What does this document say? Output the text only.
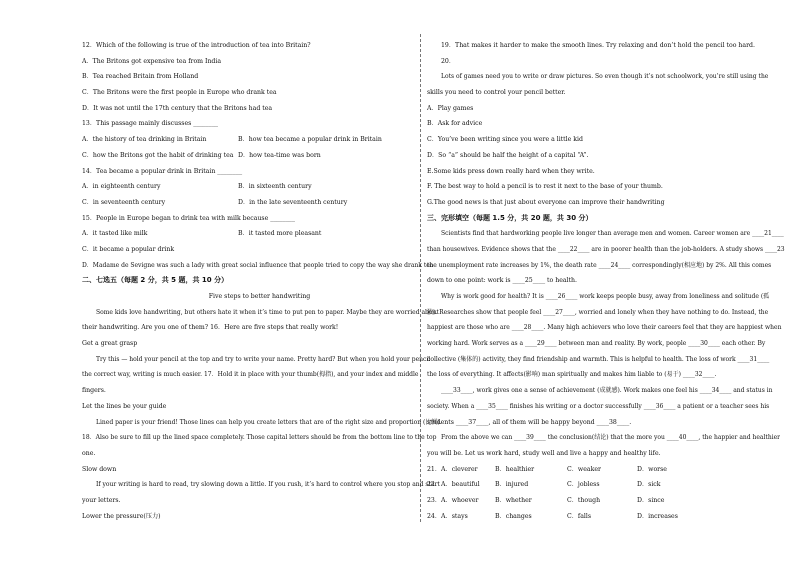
12．Which of the following is true of the introduction of tea into Britain?
A．The Britons got expensive tea from India
B．Tea reached Britain from Holland
C．The Britons were the first people in Europe who drank tea
D．It was not until the 17th century that the Britons had tea
13．This passage mainly discusses ________
A．the history of tea drinking in Britain	B．how tea became a popular drink in Britain
C．how the Britons got the habit of drinking tea D．how tea-time was born
14．Tea became a popular drink in Britain ________
A．in eighteenth century	B．in sixteenth century
C．in seventeenth century	D．in the late seventeenth century
15．People in Europe began to drink tea with milk because ________
A．it tasted like milk	B．it tasted more pleasant
C．it became a popular drink
D．Madame de Sevigne was such a lady with great social influence that people tried to copy the way she drank tea
二、七选五（每题 2 分，共 5 题，共 10 分）
Five steps to better handwriting
Some kids love handwriting, but others hate it when it’s time to put pen to paper. Maybe they are worried about
their handwriting. Are you one of them? 16．Here are five steps that really work!
Get a great grasp
Try this — hold your pencil at the top and try to write your name. Pretty hard? But when you hold your pencil
the correct way, writing is much easier. 17．Hold it in place with your thumb(拇指), and your index and middle
fingers.
Let the lines be your guide
Lined paper is your friend! Those lines can help you create letters that are of the right size and proportion (比例).
18．Also be sure to fill up the lined space completely. Those capital letters should be from the bottom line to the top
one.
Slow down
If your writing is hard to read, try slowing down a little. If you rush, it’s hard to control where you stop and start
your letters.
Lower the pressure(压力)
19．That makes it harder to make the smooth lines. Try relaxing and don’t hold the pencil too hard.
20．
Lots of games need you to write or draw pictures. So even though it’s not schoolwork, you’re still using the
skills you need to control your pencil better.
A．Play games
B．Ask for advice
C．You’ve been writing since you were a little kid
D．So “a” should be half the height of a capital “A”.
E.Some kids press down really hard when they write.
F. The best way to hold a pencil is to rest it next to the base of your thumb.
G.The good news is that just about everyone can improve their handwriting
三、完形填空（每题 1.5 分，共 20 题，共 30 分）
Scientists find that hardworking people live longer than average men and women. Career women are ____21____
than housewives. Evidence shows that the ____22____ are in poorer health than the job-holders. A study shows ____23
the unemployment rate increases by 1%, the death rate ____24____ correspondingly(相应地) by 2%. All this comes
down to one point: work is ____25____ to health.
Why is work good for health? It is ____26____ work keeps people busy, away from loneliness and solitude (孤
独). Researches show that people feel ____27____, worried and lonely when they have nothing to do. Instead, the
happiest are those who are ____28____. Many high achievers who love their careers feel that they are happiest when
working hard. Work serves as a ____29____ between man and reality. By work, people ____30____ each other. By
collective (集体的) activity, they find friendship and warmth. This is helpful to health. The loss of work ____31____
the loss of everything. It affects(影响) man spiritually and makes him liable to (易于) ____32____.
____33____, work gives one a sense of achievement (成就感). Work makes one feel his ____34____ and status in
society. When a ____35____ finishes his writing or a doctor successfully ____36____ a patient or a teacher sees his
students ____37____, all of them will be happy beyond ____38____.
From the above we can ____39____ the conclusion(结论) that the more you ____40____, the happier and healthier
you will be. Let us work hard, study well and live a happy and healthy life.
21．A．cleverer	B．healthier	C．weaker	D．worse
22．A．beautiful B．injured	C．jobless	D．sick
23．A．whoever	B．whether	C．though	D．since
24．A．stays	B．changes	C．falls	D．increases
